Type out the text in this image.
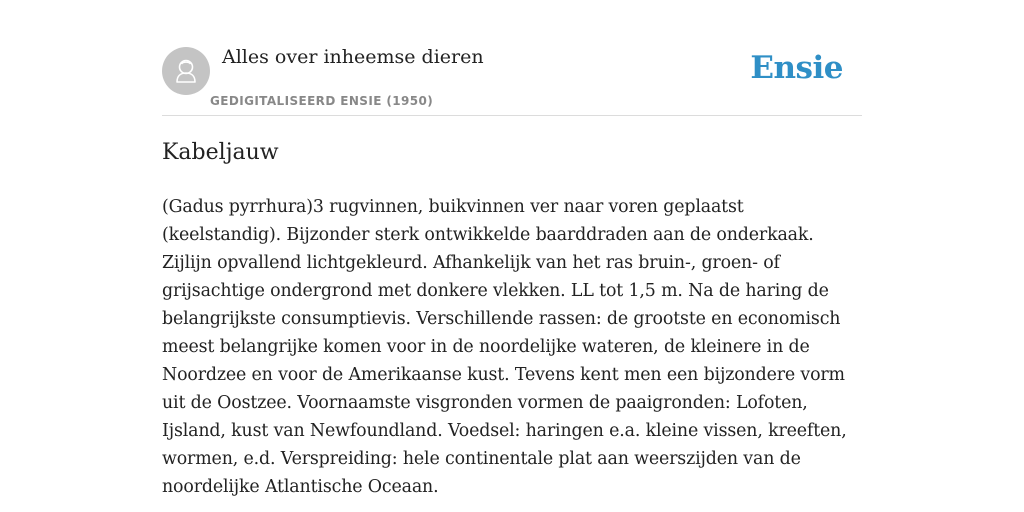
Alles over inheemse dieren
GEDIGITALISEERD ENSIE (1950)
Ensie
Kabeljauw

(Gadus pyrrhura)3 rugvinnen, buikvinnen ver naar voren geplaatst (keelstandig). Bijzonder sterk ontwikkelde baarddraden aan de onderkaak. Zijlijn opvallend lichtgekleurd. Afhankelijk van het ras bruin-, groen- of grijsachtige ondergrond met donkere vlekken. LL tot 1,5 m. Na de haring de belangrijkste consumptievis. Verschillende rassen: de grootste en economisch meest belangrijke komen voor in de noordelijke wateren, de kleinere in de Noordzee en voor de Amerikaanse kust. Tevens kent men een bijzondere vorm uit de Oostzee. Voornaamste visgronden vormen de paaigronden: Lofoten, Ijsland, kust van Newfoundland. Voedsel: haringen e.a. kleine vissen, kreeften, wormen, e.d. Verspreiding: hele continentale plat aan weerszijden van de noordelijke Atlantische Oceaan.
